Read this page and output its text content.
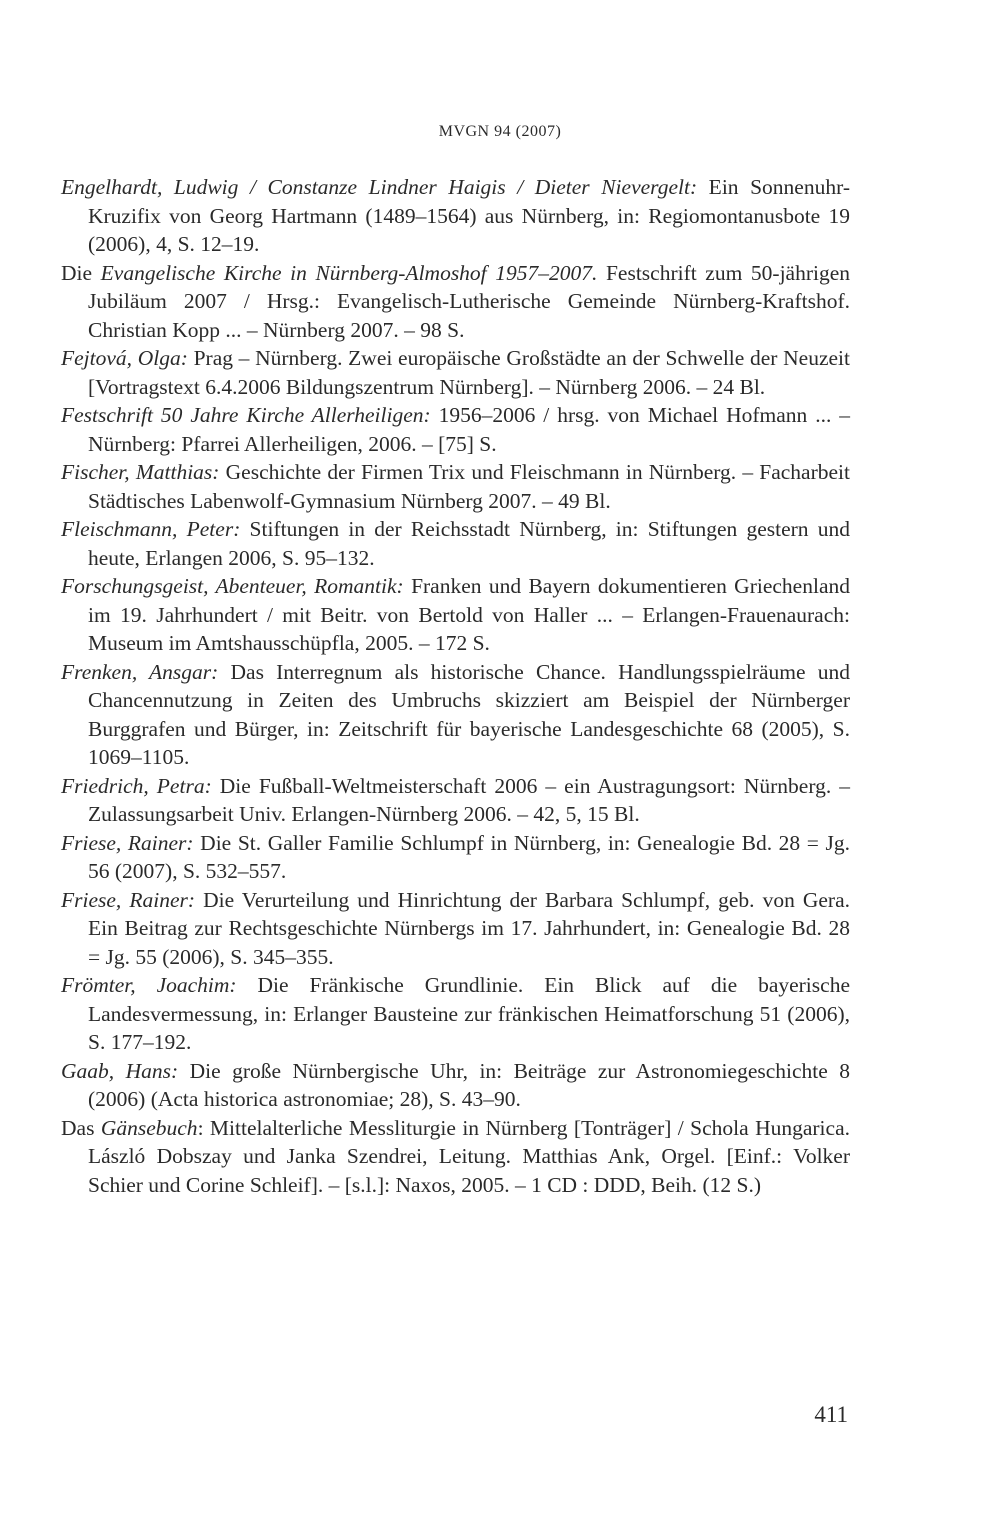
MVGN 94 (2007)
Engelhardt, Ludwig / Constanze Lindner Haigis / Dieter Nievergelt: Ein Sonnenuhr-Kruzifix von Georg Hartmann (1489–1564) aus Nürnberg, in: Regiomontanusbote 19 (2006), 4, S. 12–19.
Die Evangelische Kirche in Nürnberg-Almoshof 1957–2007. Festschrift zum 50-jährigen Jubiläum 2007 / Hrsg.: Evangelisch-Lutherische Gemeinde Nürnberg-Kraftshof. Christian Kopp ... – Nürnberg 2007. – 98 S.
Fejtová, Olga: Prag – Nürnberg. Zwei europäische Großstädte an der Schwelle der Neuzeit [Vortragstext 6.4.2006 Bildungszentrum Nürnberg]. – Nürnberg 2006. – 24 Bl.
Festschrift 50 Jahre Kirche Allerheiligen: 1956–2006 / hrsg. von Michael Hofmann ... – Nürnberg: Pfarrei Allerheiligen, 2006. – [75] S.
Fischer, Matthias: Geschichte der Firmen Trix und Fleischmann in Nürnberg. – Facharbeit Städtisches Labenwolf-Gymnasium Nürnberg 2007. – 49 Bl.
Fleischmann, Peter: Stiftungen in der Reichsstadt Nürnberg, in: Stiftungen gestern und heute, Erlangen 2006, S. 95–132.
Forschungsgeist, Abenteuer, Romantik: Franken und Bayern dokumentieren Griechenland im 19. Jahrhundert / mit Beitr. von Bertold von Haller ... – Erlangen-Frauenaurach: Museum im Amtshausschüpfla, 2005. – 172 S.
Frenken, Ansgar: Das Interregnum als historische Chance. Handlungsspielräume und Chancennutzung in Zeiten des Umbruchs skizziert am Beispiel der Nürnberger Burggrafen und Bürger, in: Zeitschrift für bayerische Landesgeschichte 68 (2005), S. 1069–1105.
Friedrich, Petra: Die Fußball-Weltmeisterschaft 2006 – ein Austragungsort: Nürnberg. – Zulassungsarbeit Univ. Erlangen-Nürnberg 2006. – 42, 5, 15 Bl.
Friese, Rainer: Die St. Galler Familie Schlumpf in Nürnberg, in: Genealogie Bd. 28 = Jg. 56 (2007), S. 532–557.
Friese, Rainer: Die Verurteilung und Hinrichtung der Barbara Schlumpf, geb. von Gera. Ein Beitrag zur Rechtsgeschichte Nürnbergs im 17. Jahrhundert, in: Genealogie Bd. 28 = Jg. 55 (2006), S. 345–355.
Frömter, Joachim: Die Fränkische Grundlinie. Ein Blick auf die bayerische Landesvermessung, in: Erlanger Bausteine zur fränkischen Heimatforschung 51 (2006), S. 177–192.
Gaab, Hans: Die große Nürnbergische Uhr, in: Beiträge zur Astronomiegeschichte 8 (2006) (Acta historica astronomiae; 28), S. 43–90.
Das Gänsebuch: Mittelalterliche Messliturgie in Nürnberg [Tonträger] / Schola Hungarica. László Dobszay und Janka Szendrei, Leitung. Matthias Ank, Orgel. [Einf.: Volker Schier und Corine Schleif]. – [s.l.]: Naxos, 2005. – 1 CD : DDD, Beih. (12 S.)
411
